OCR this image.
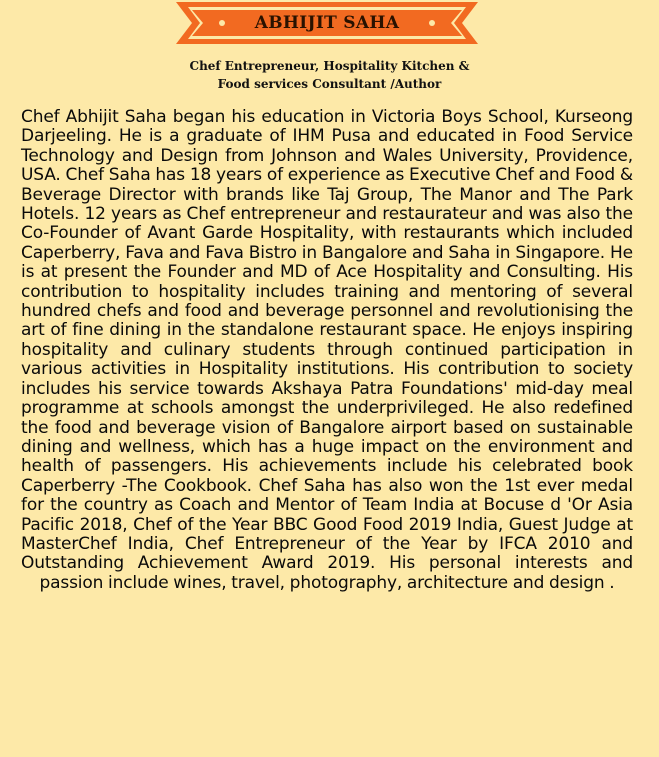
ABHIJIT SAHA
Chef Entrepreneur, Hospitality Kitchen &
Food services Consultant /Author

Chef Abhijit Saha began his education in Victoria Boys School, Kurseong Darjeeling. He is a graduate of IHM Pusa and educated in Food Service Technology and Design from Johnson and Wales University, Providence, USA. Chef Saha has 18 years of experience as Executive Chef and Food & Beverage Director with brands like Taj Group, The Manor and The Park Hotels. 12 years as Chef entrepreneur and restaurateur and was also the Co-Founder of Avant Garde Hospitality, with restaurants which included Caperberry, Fava and Fava Bistro in Bangalore and Saha in Singapore. He is at present the Founder and MD of Ace Hospitality and Consulting. His contribution to hospitality includes training and mentoring of several hundred chefs and food and beverage personnel and revolutionising the art of fine dining in the standalone restaurant space. He enjoys inspiring hospitality and culinary students through continued participation in various activities in Hospitality institutions. His contribution to society includes his service towards Akshaya Patra Foundations' mid-day meal programme at schools amongst the underprivileged. He also redefined the food and beverage vision of Bangalore airport based on sustainable dining and wellness, which has a huge impact on the environment and health of passengers. His achievements include his celebrated book Caperberry -The Cookbook. Chef Saha has also won the 1st ever medal for the country as Coach and Mentor of Team India at Bocuse d 'Or Asia Pacific 2018, Chef of the Year BBC Good Food 2019 India, Guest Judge at MasterChef India, Chef Entrepreneur of the Year by IFCA 2010 and Outstanding Achievement Award 2019. His personal interests and passion include wines, travel, photography, architecture and design .
